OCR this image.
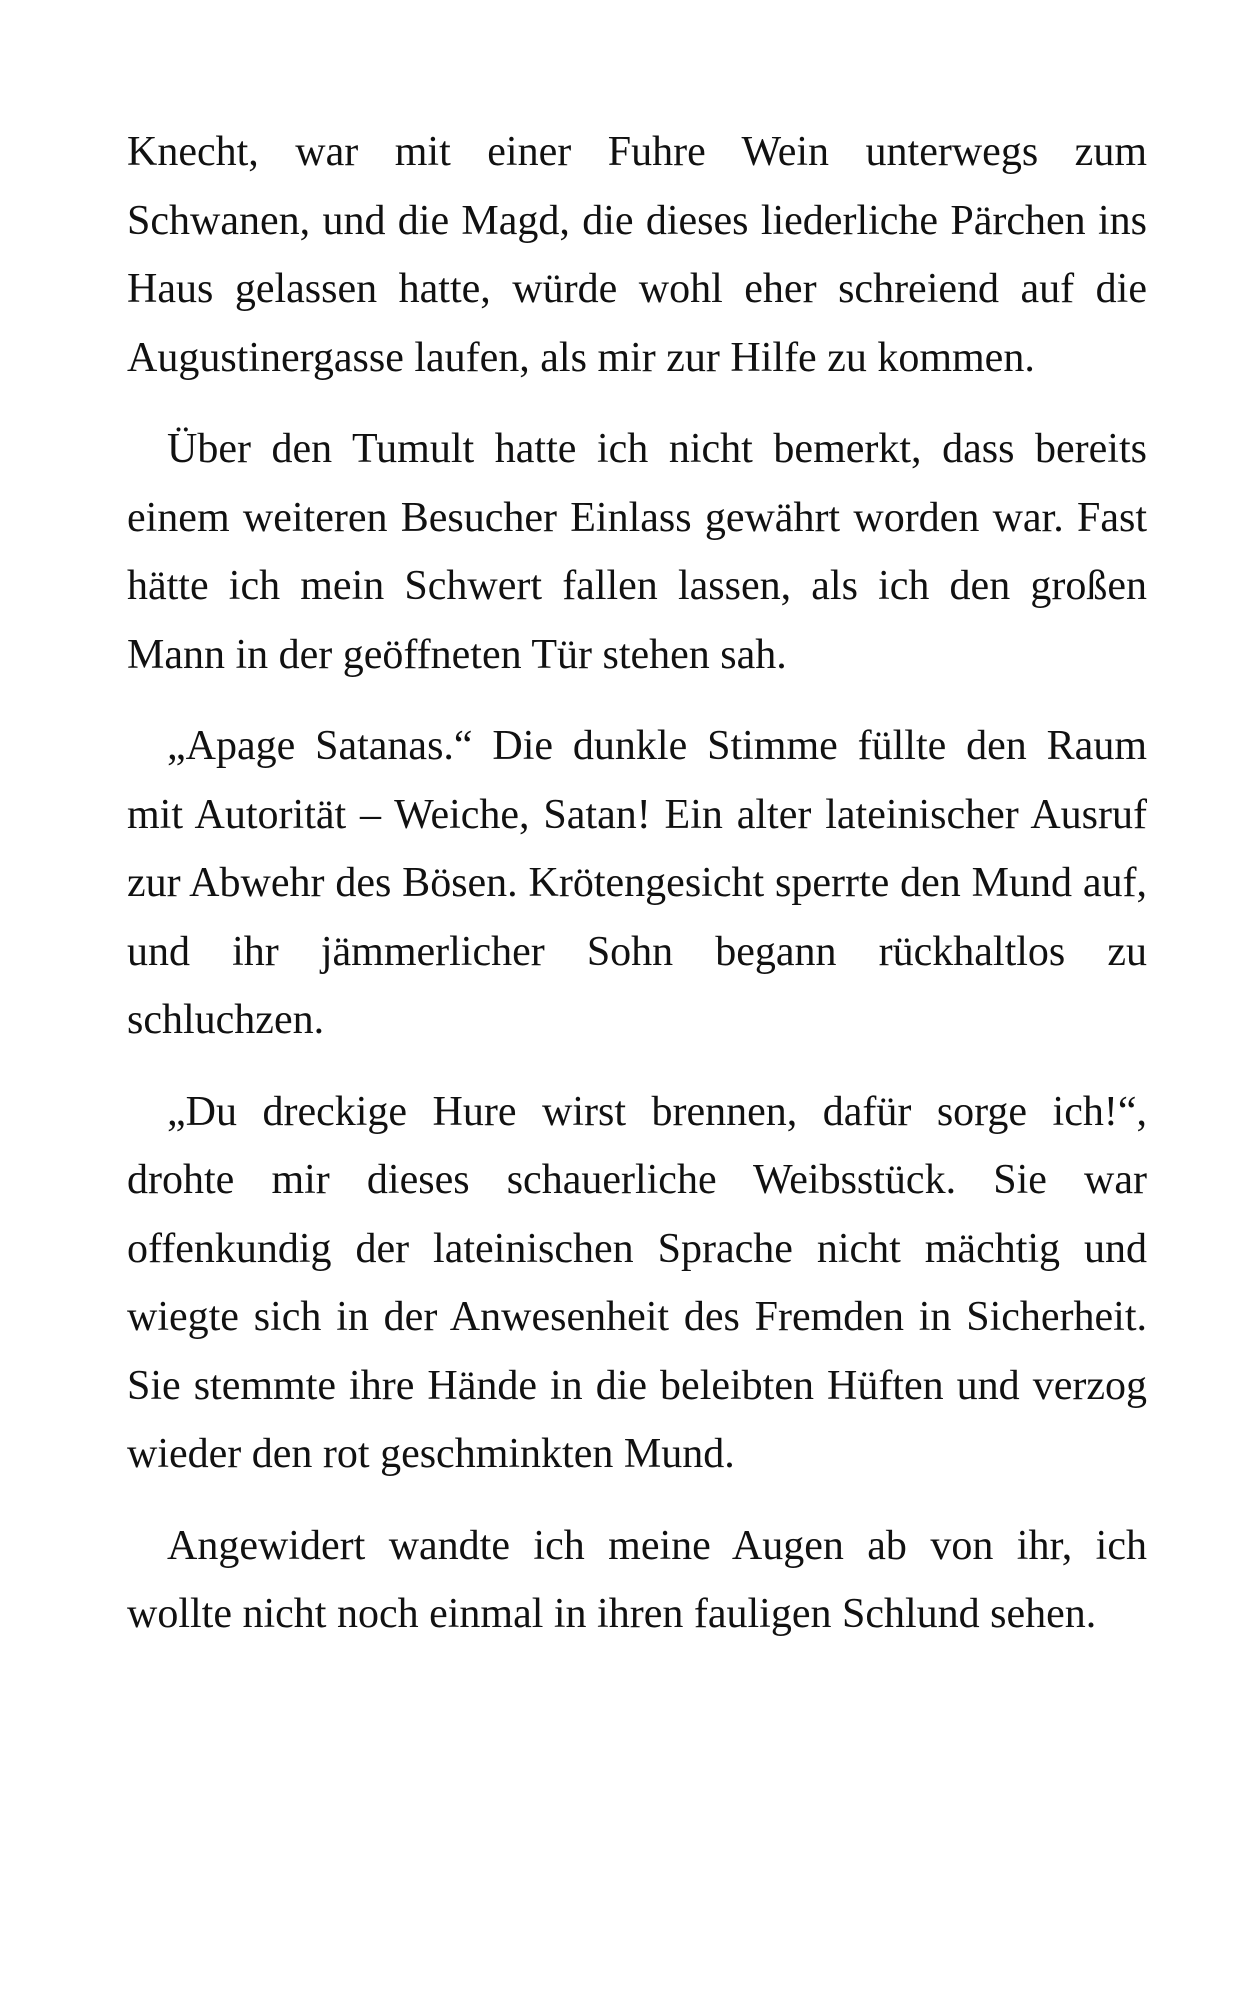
Knecht, war mit einer Fuhre Wein unterwegs zum Schwanen, und die Magd, die dieses liederliche Pärchen ins Haus gelassen hatte, würde wohl eher schreiend auf die Augustinergasse laufen, als mir zur Hilfe zu kommen.

Über den Tumult hatte ich nicht bemerkt, dass bereits einem weiteren Besucher Einlass gewährt worden war. Fast hätte ich mein Schwert fallen lassen, als ich den großen Mann in der geöffneten Tür stehen sah.

„Apage Satanas.“ Die dunkle Stimme füllte den Raum mit Autorität – Weiche, Satan! Ein alter lateinischer Ausruf zur Abwehr des Bösen. Krötengesicht sperrte den Mund auf, und ihr jämmerlicher Sohn begann rückhaltlos zu schluchzen.

„Du dreckige Hure wirst brennen, dafür sorge ich!“, drohte mir dieses schauerliche Weibsstück. Sie war offenkundig der lateinischen Sprache nicht mächtig und wiegte sich in der Anwesenheit des Fremden in Sicherheit. Sie stemmte ihre Hände in die beleibten Hüften und verzog wieder den rot geschminkten Mund.

Angewidert wandte ich meine Augen ab von ihr, ich wollte nicht noch einmal in ihren fauligen Schlund sehen.
